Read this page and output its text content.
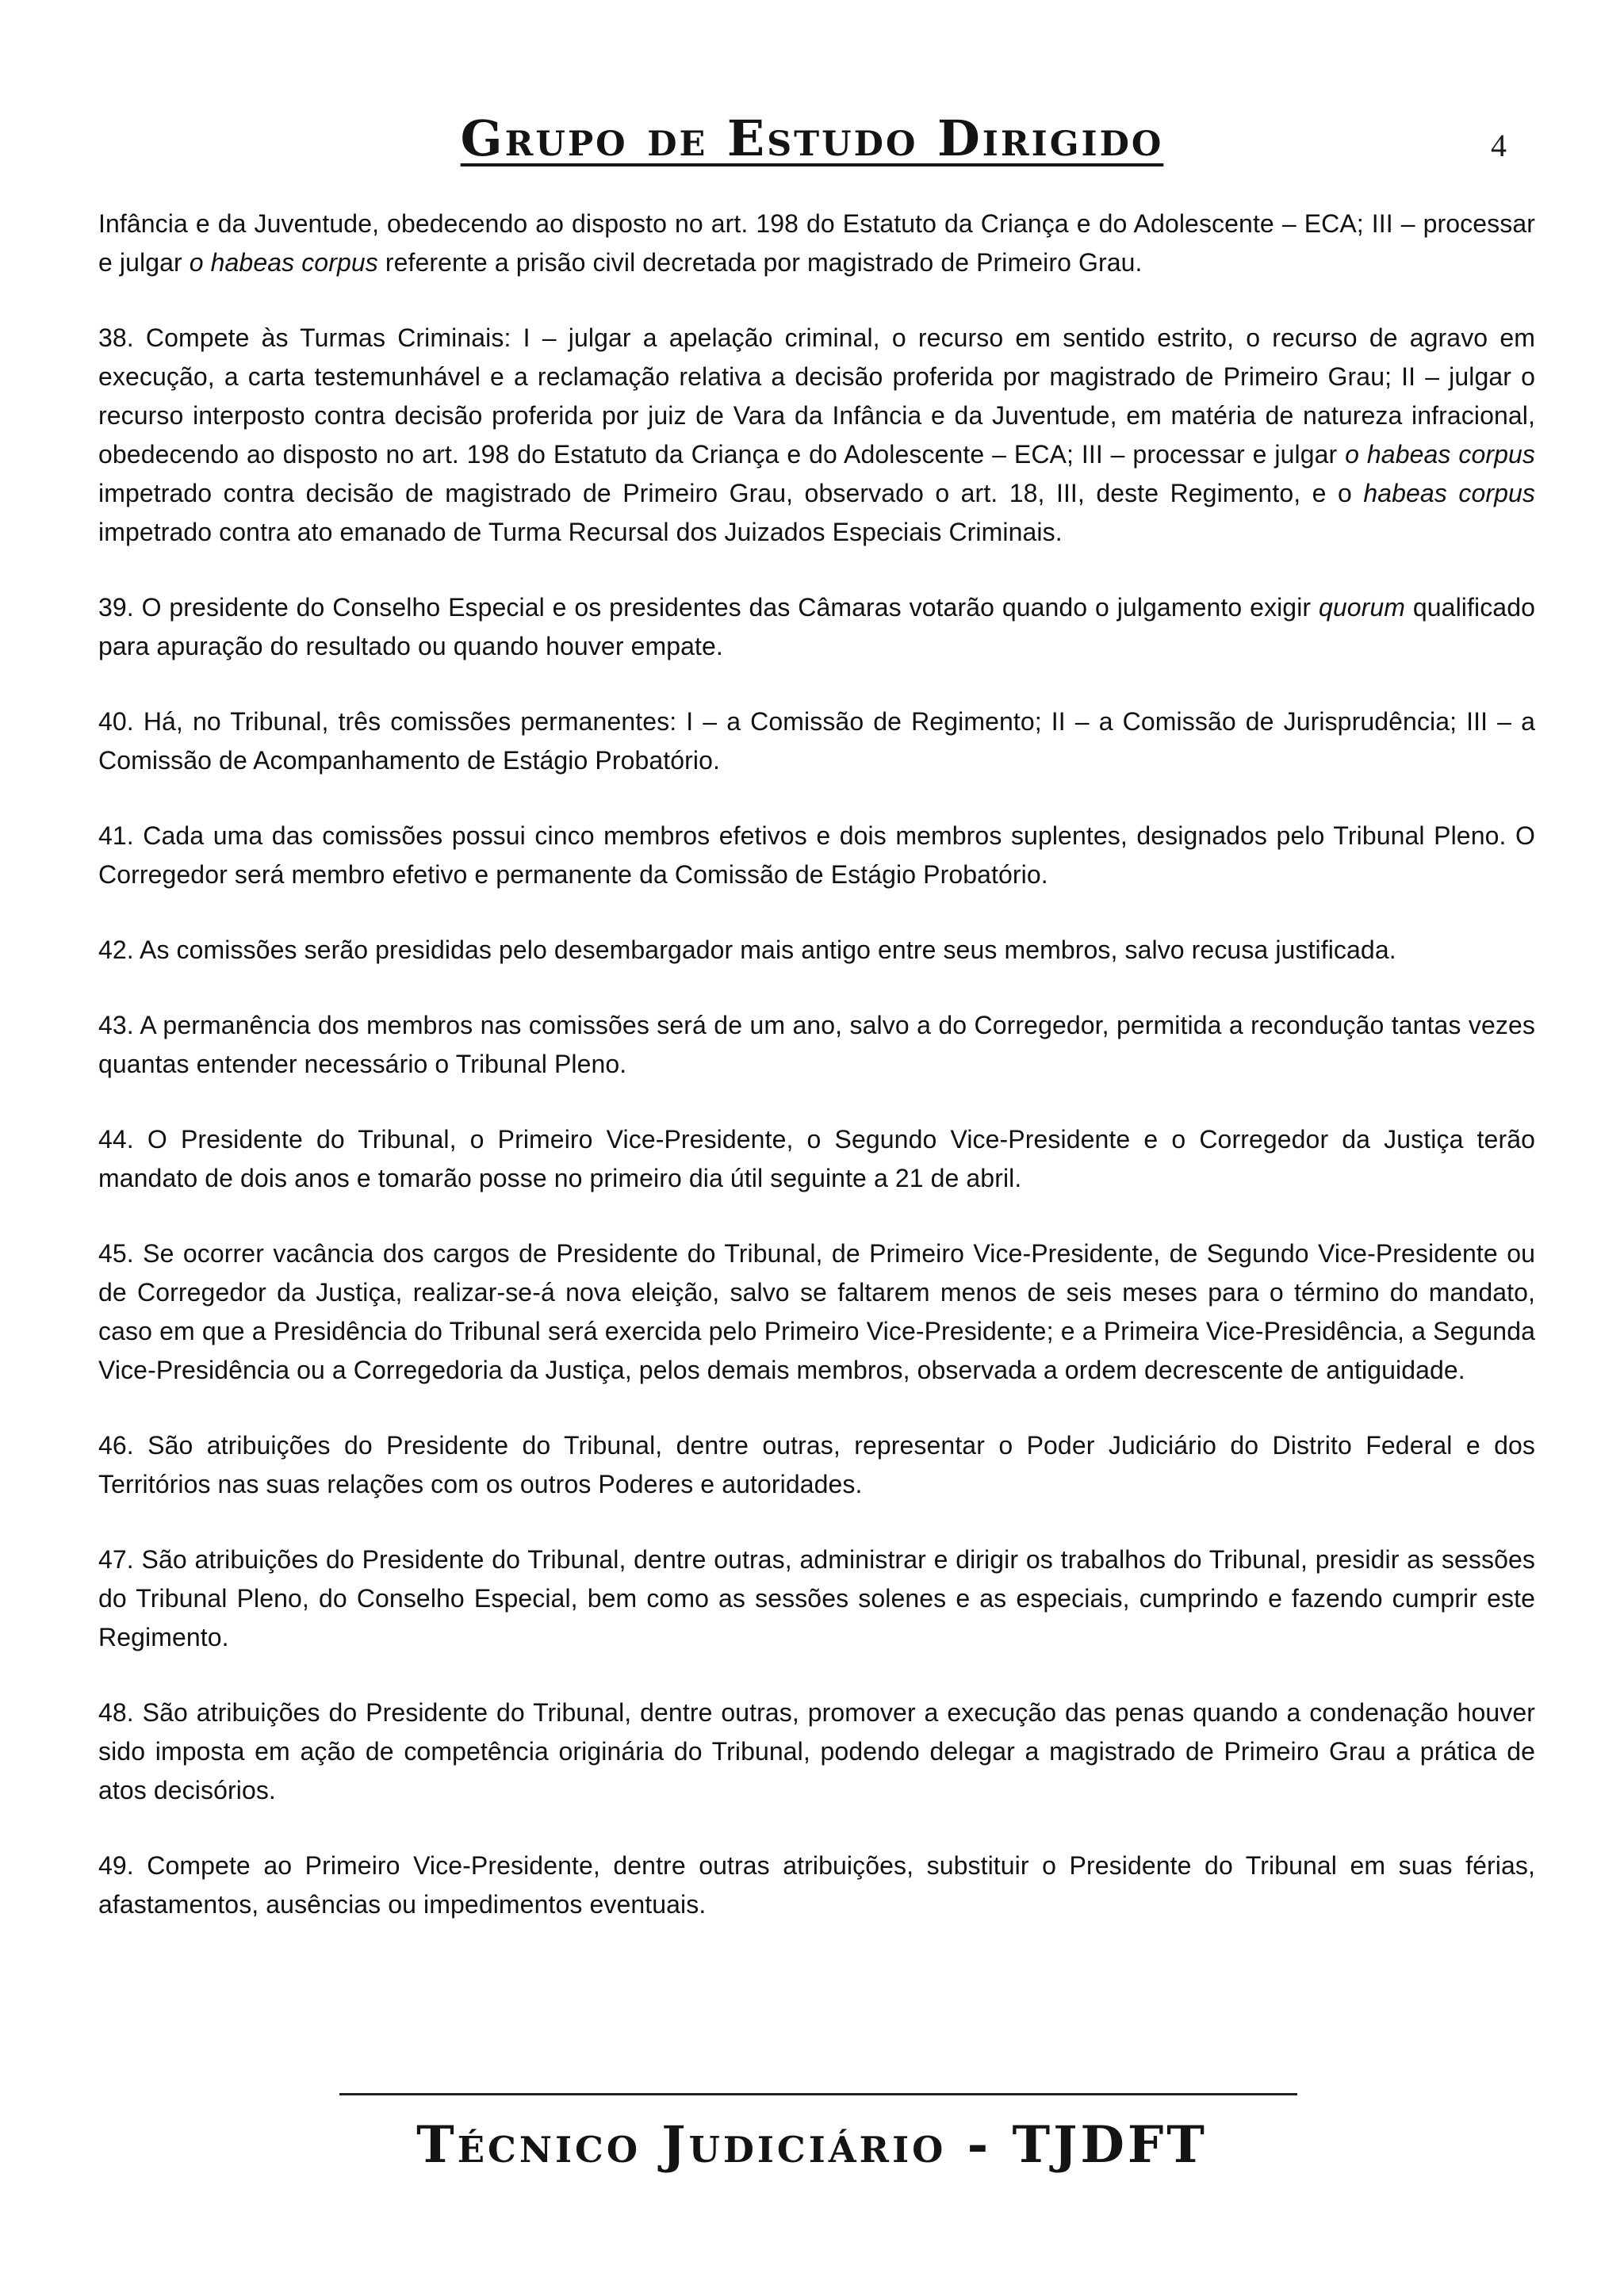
Grupo de Estudo Dirigido	4

Infância e da Juventude, obedecendo ao disposto no art. 198 do Estatuto da Criança e do Adolescente – ECA; III – processar e julgar o habeas corpus referente a prisão civil decretada por magistrado de Primeiro Grau.

38. Compete às Turmas Criminais: I – julgar a apelação criminal, o recurso em sentido estrito, o recurso de agravo em execução, a carta testemunhável e a reclamação relativa a decisão proferida por magistrado de Primeiro Grau; II – julgar o recurso interposto contra decisão proferida por juiz de Vara da Infância e da Juventude, em matéria de natureza infracional, obedecendo ao disposto no art. 198 do Estatuto da Criança e do Adolescente – ECA; III – processar e julgar o habeas corpus impetrado contra decisão de magistrado de Primeiro Grau, observado o art. 18, III, deste Regimento, e o habeas corpus impetrado contra ato emanado de Turma Recursal dos Juizados Especiais Criminais.

39. O presidente do Conselho Especial e os presidentes das Câmaras votarão quando o julgamento exigir quorum qualificado para apuração do resultado ou quando houver empate.

40. Há, no Tribunal, três comissões permanentes: I – a Comissão de Regimento; II – a Comissão de Jurisprudência; III – a Comissão de Acompanhamento de Estágio Probatório.

41. Cada uma das comissões possui cinco membros efetivos e dois membros suplentes, designados pelo Tribunal Pleno. O Corregedor será membro efetivo e permanente da Comissão de Estágio Probatório.

42. As comissões serão presididas pelo desembargador mais antigo entre seus membros, salvo recusa justificada.

43. A permanência dos membros nas comissões será de um ano, salvo a do Corregedor, permitida a recondução tantas vezes quantas entender necessário o Tribunal Pleno.

44. O Presidente do Tribunal, o Primeiro Vice-Presidente, o Segundo Vice-Presidente e o Corregedor da Justiça terão mandato de dois anos e tomarão posse no primeiro dia útil seguinte a 21 de abril.

45. Se ocorrer vacância dos cargos de Presidente do Tribunal, de Primeiro Vice-Presidente, de Segundo Vice-Presidente ou de Corregedor da Justiça, realizar-se-á nova eleição, salvo se faltarem menos de seis meses para o término do mandato, caso em que a Presidência do Tribunal será exercida pelo Primeiro Vice-Presidente; e a Primeira Vice-Presidência, a Segunda Vice-Presidência ou a Corregedoria da Justiça, pelos demais membros, observada a ordem decrescente de antiguidade.

46. São atribuições do Presidente do Tribunal, dentre outras, representar o Poder Judiciário do Distrito Federal e dos Territórios nas suas relações com os outros Poderes e autoridades.

47. São atribuições do Presidente do Tribunal, dentre outras, administrar e dirigir os trabalhos do Tribunal, presidir as sessões do Tribunal Pleno, do Conselho Especial, bem como as sessões solenes e as especiais, cumprindo e fazendo cumprir este Regimento.

48. São atribuições do Presidente do Tribunal, dentre outras, promover a execução das penas quando a condenação houver sido imposta em ação de competência originária do Tribunal, podendo delegar a magistrado de Primeiro Grau a prática de atos decisórios.

49. Compete ao Primeiro Vice-Presidente, dentre outras atribuições, substituir o Presidente do Tribunal em suas férias, afastamentos, ausências ou impedimentos eventuais.

Técnico Judiciário - TJDFT
